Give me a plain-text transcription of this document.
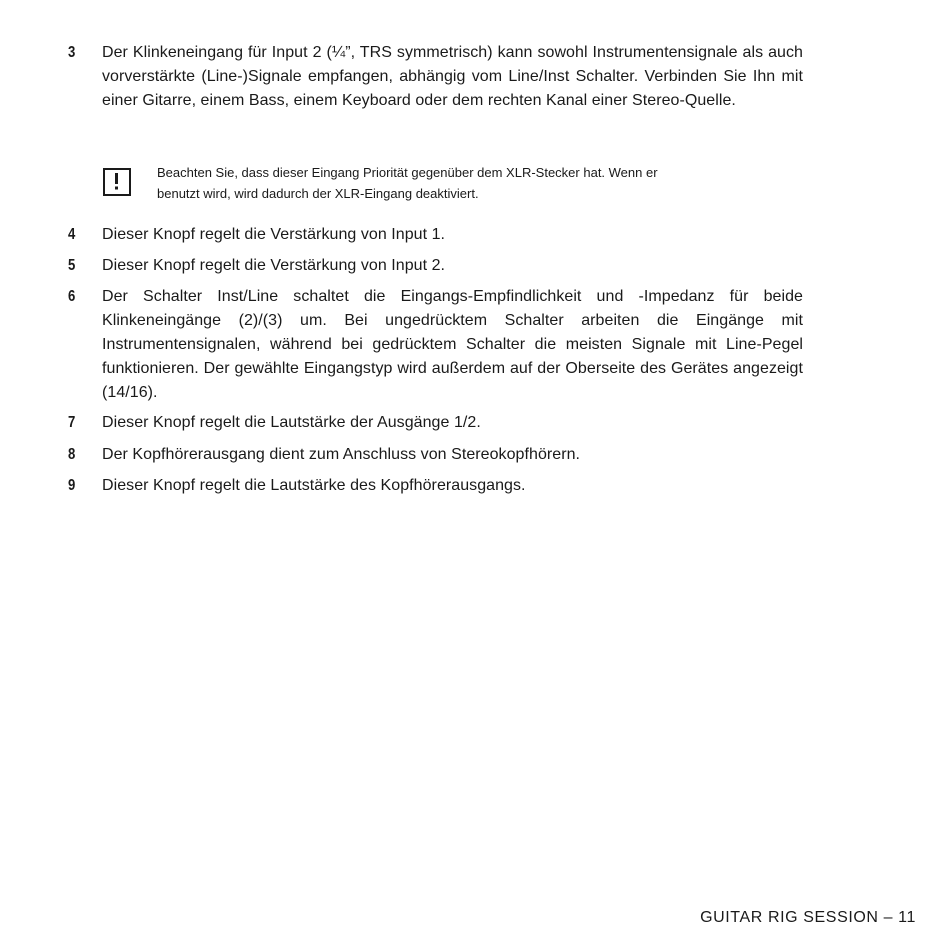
3	Der Klinkeneingang für Input 2 (¼”, TRS symmetrisch) kann sowohl Instrumentensignale als auch vorverstärkte (Line-)Signale empfangen, abhängig vom Line/Inst Schalter. Verbinden Sie Ihn mit einer Gitarre, einem Bass, einem Keyboard oder dem rechten Kanal einer Stereo-Quelle.
Beachten Sie, dass dieser Eingang Priorität gegenüber dem XLR-Stecker hat. Wenn er
benutzt wird, wird dadurch der XLR-Eingang deaktiviert.
4	Dieser Knopf regelt die Verstärkung von Input 1.
5	Dieser Knopf regelt die Verstärkung von Input 2.
6	Der Schalter Inst/Line schaltet die Eingangs-Empfindlichkeit und -Impedanz für beide Klinkeneingänge (2)/(3) um. Bei ungedrücktem Schalter arbeiten die Eingänge mit Instrumentensignalen, während bei gedrücktem Schalter die meisten Signale mit Line-Pegel funktionieren. Der gewählte Eingangstyp wird außerdem auf der Oberseite des Gerätes angezeigt (14/16).
7	Dieser Knopf regelt die Lautstärke der Ausgänge 1/2.
8	Der Kopfhörerausgang dient zum Anschluss von Stereokopfhörern.
9	Dieser Knopf regelt die Lautstärke des Kopfhörerausgangs.
GUITAR RIG SESSION – 11
